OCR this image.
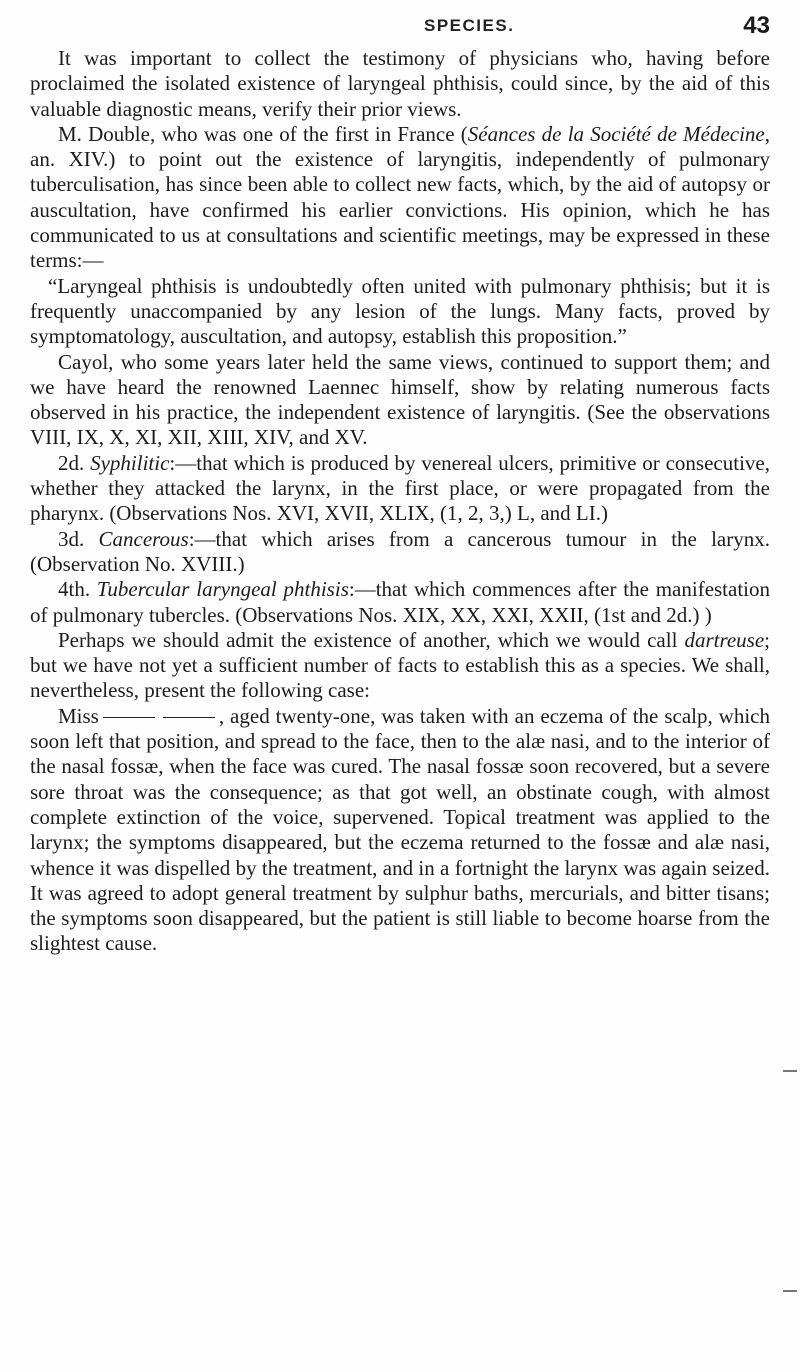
SPECIES.	43

It was important to collect the testimony of physicians who, having before proclaimed the isolated existence of laryngeal phthisis, could since, by the aid of this valuable diagnostic means, verify their prior views.

M. Double, who was one of the first in France (Séances de la Société de Médecine, an. XIV.) to point out the existence of laryngitis, independently of pulmonary tuberculisation, has since been able to collect new facts, which, by the aid of autopsy or auscultation, have confirmed his earlier convictions. His opinion, which he has communicated to us at consultations and scientific meetings, may be expressed in these terms:—

“Laryngeal phthisis is undoubtedly often united with pulmonary phthisis; but it is frequently unaccompanied by any lesion of the lungs. Many facts, proved by symptomatology, auscultation, and autopsy, establish this proposition.”

Cayol, who some years later held the same views, continued to support them; and we have heard the renowned Laennec himself, show by relating numerous facts observed in his practice, the independent existence of laryngitis. (See the observations VIII, IX, X, XI, XII, XIII, XIV, and XV.

2d. Syphilitic:—that which is produced by venereal ulcers, primitive or consecutive, whether they attacked the larynx, in the first place, or were propagated from the pharynx. (Observations Nos. XVI, XVII, XLIX, (1, 2, 3,) L, and LI.)

3d. Cancerous:—that which arises from a cancerous tumour in the larynx. (Observation No. XVIII.)

4th. Tubercular laryngeal phthisis:—that which commences after the manifestation of pulmonary tubercles. (Observations Nos. XIX, XX, XXI, XXII, (1st and 2d.) )

Perhaps we should admit the existence of another, which we would call dartreuse; but we have not yet a sufficient number of facts to establish this as a species. We shall, nevertheless, present the following case:

Miss	, aged twenty-one, was taken with an eczema of the scalp, which soon left that position, and spread to the face, then to the alæ nasi, and to the interior of the nasal fossæ, when the face was cured. The nasal fossæ soon recovered, but a severe sore throat was the consequence; as that got well, an obstinate cough, with almost complete extinction of the voice, supervened. Topical treatment was applied to the larynx; the symptoms disappeared, but the eczema returned to the fossæ and alæ nasi, whence it was dispelled by the treatment, and in a fortnight the larynx was again seized. It was agreed to adopt general treatment by sulphur baths, mercurials, and bitter tisans; the symptoms soon disappeared, but the patient is still liable to become hoarse from the slightest cause.
